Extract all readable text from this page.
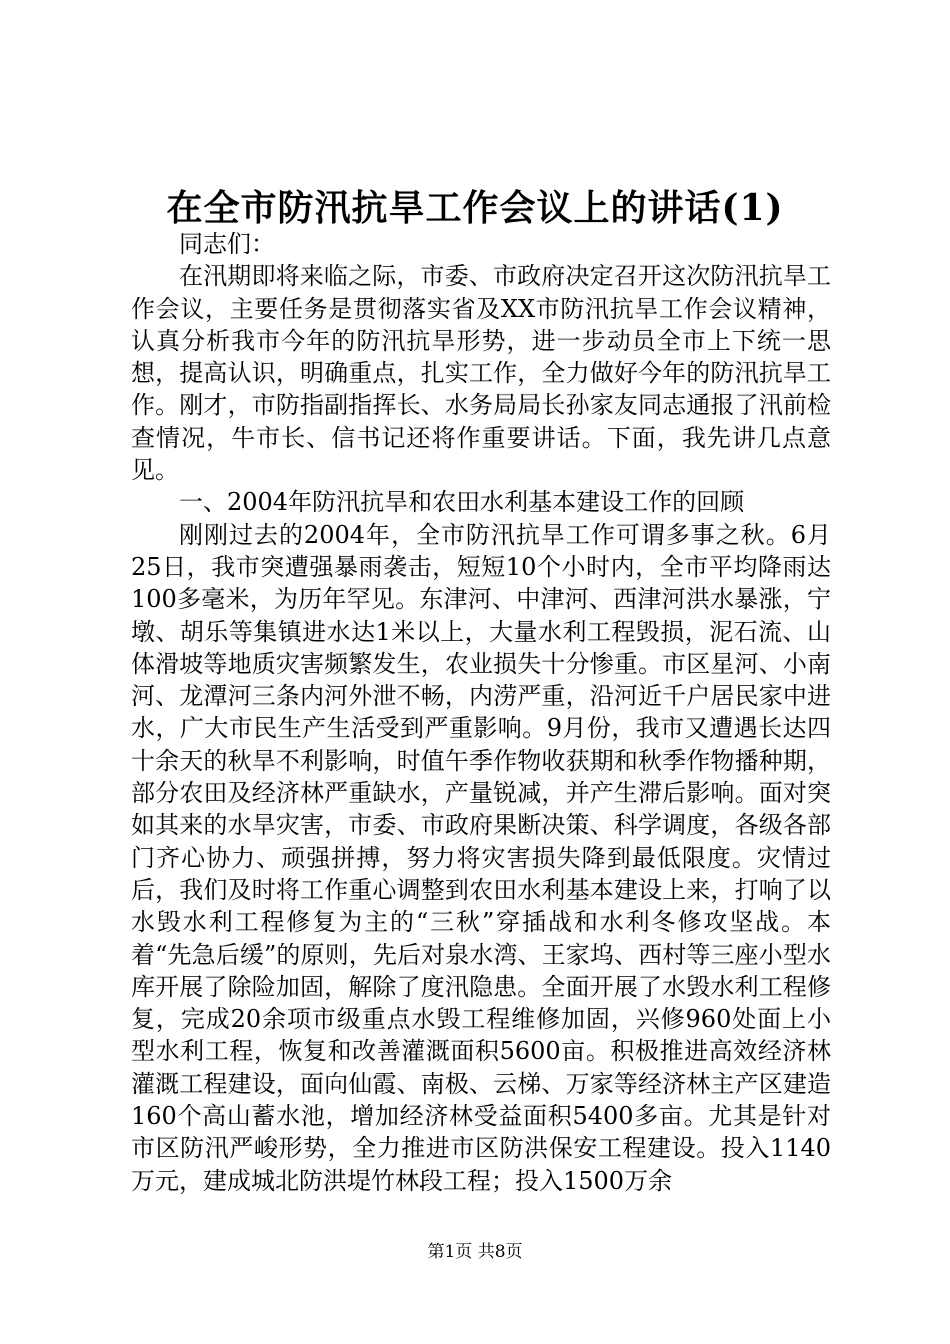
在全市防汛抗旱工作会议上的讲话(1)

同志们：

在汛期即将来临之际，市委、市政府决定召开这次防汛抗旱工作会议，主要任务是贯彻落实省及XX市防汛抗旱工作会议精神，认真分析我市今年的防汛抗旱形势，进一步动员全市上下统一思想，提高认识，明确重点，扎实工作，全力做好今年的防汛抗旱工作。刚才，市防指副指挥长、水务局局长孙家友同志通报了汛前检查情况，牛市长、信书记还将作重要讲话。下面，我先讲几点意见。

一、2004年防汛抗旱和农田水利基本建设工作的回顾

刚刚过去的2004年，全市防汛抗旱工作可谓多事之秋。6月25日，我市突遭强暴雨袭击，短短10个小时内，全市平均降雨达100多毫米，为历年罕见。东津河、中津河、西津河洪水暴涨，宁墩、胡乐等集镇进水达1米以上，大量水利工程毁损，泥石流、山体滑坡等地质灾害频繁发生，农业损失十分惨重。市区星河、小南河、龙潭河三条内河外泄不畅，内涝严重，沿河近千户居民家中进水，广大市民生产生活受到严重影响。9月份，我市又遭遇长达四十余天的秋旱不利影响，时值午季作物收获期和秋季作物播种期，部分农田及经济林严重缺水，产量锐减，并产生滞后影响。面对突如其来的水旱灾害，市委、市政府果断决策、科学调度，各级各部门齐心协力、顽强拼搏，努力将灾害损失降到最低限度。灾情过后，我们及时将工作重心调整到农田水利基本建设上来，打响了以水毁水利工程修复为主的“三秋”穿插战和水利冬修攻坚战。本着“先急后缓”的原则，先后对泉水湾、王家坞、西村等三座小型水库开展了除险加固，解除了度汛隐患。全面开展了水毁水利工程修复，完成20余项市级重点水毁工程维修加固，兴修960处面上小型水利工程，恢复和改善灌溉面积5600亩。积极推进高效经济林灌溉工程建设，面向仙霞、南极、云梯、万家等经济林主产区建造160个高山蓄水池，增加经济林受益面积5400多亩。尤其是针对市区防汛严峻形势，全力推进市区防洪保安工程建设。投入1140万元，建成城北防洪堤竹林段工程；投入1500万余

第1页 共8页
